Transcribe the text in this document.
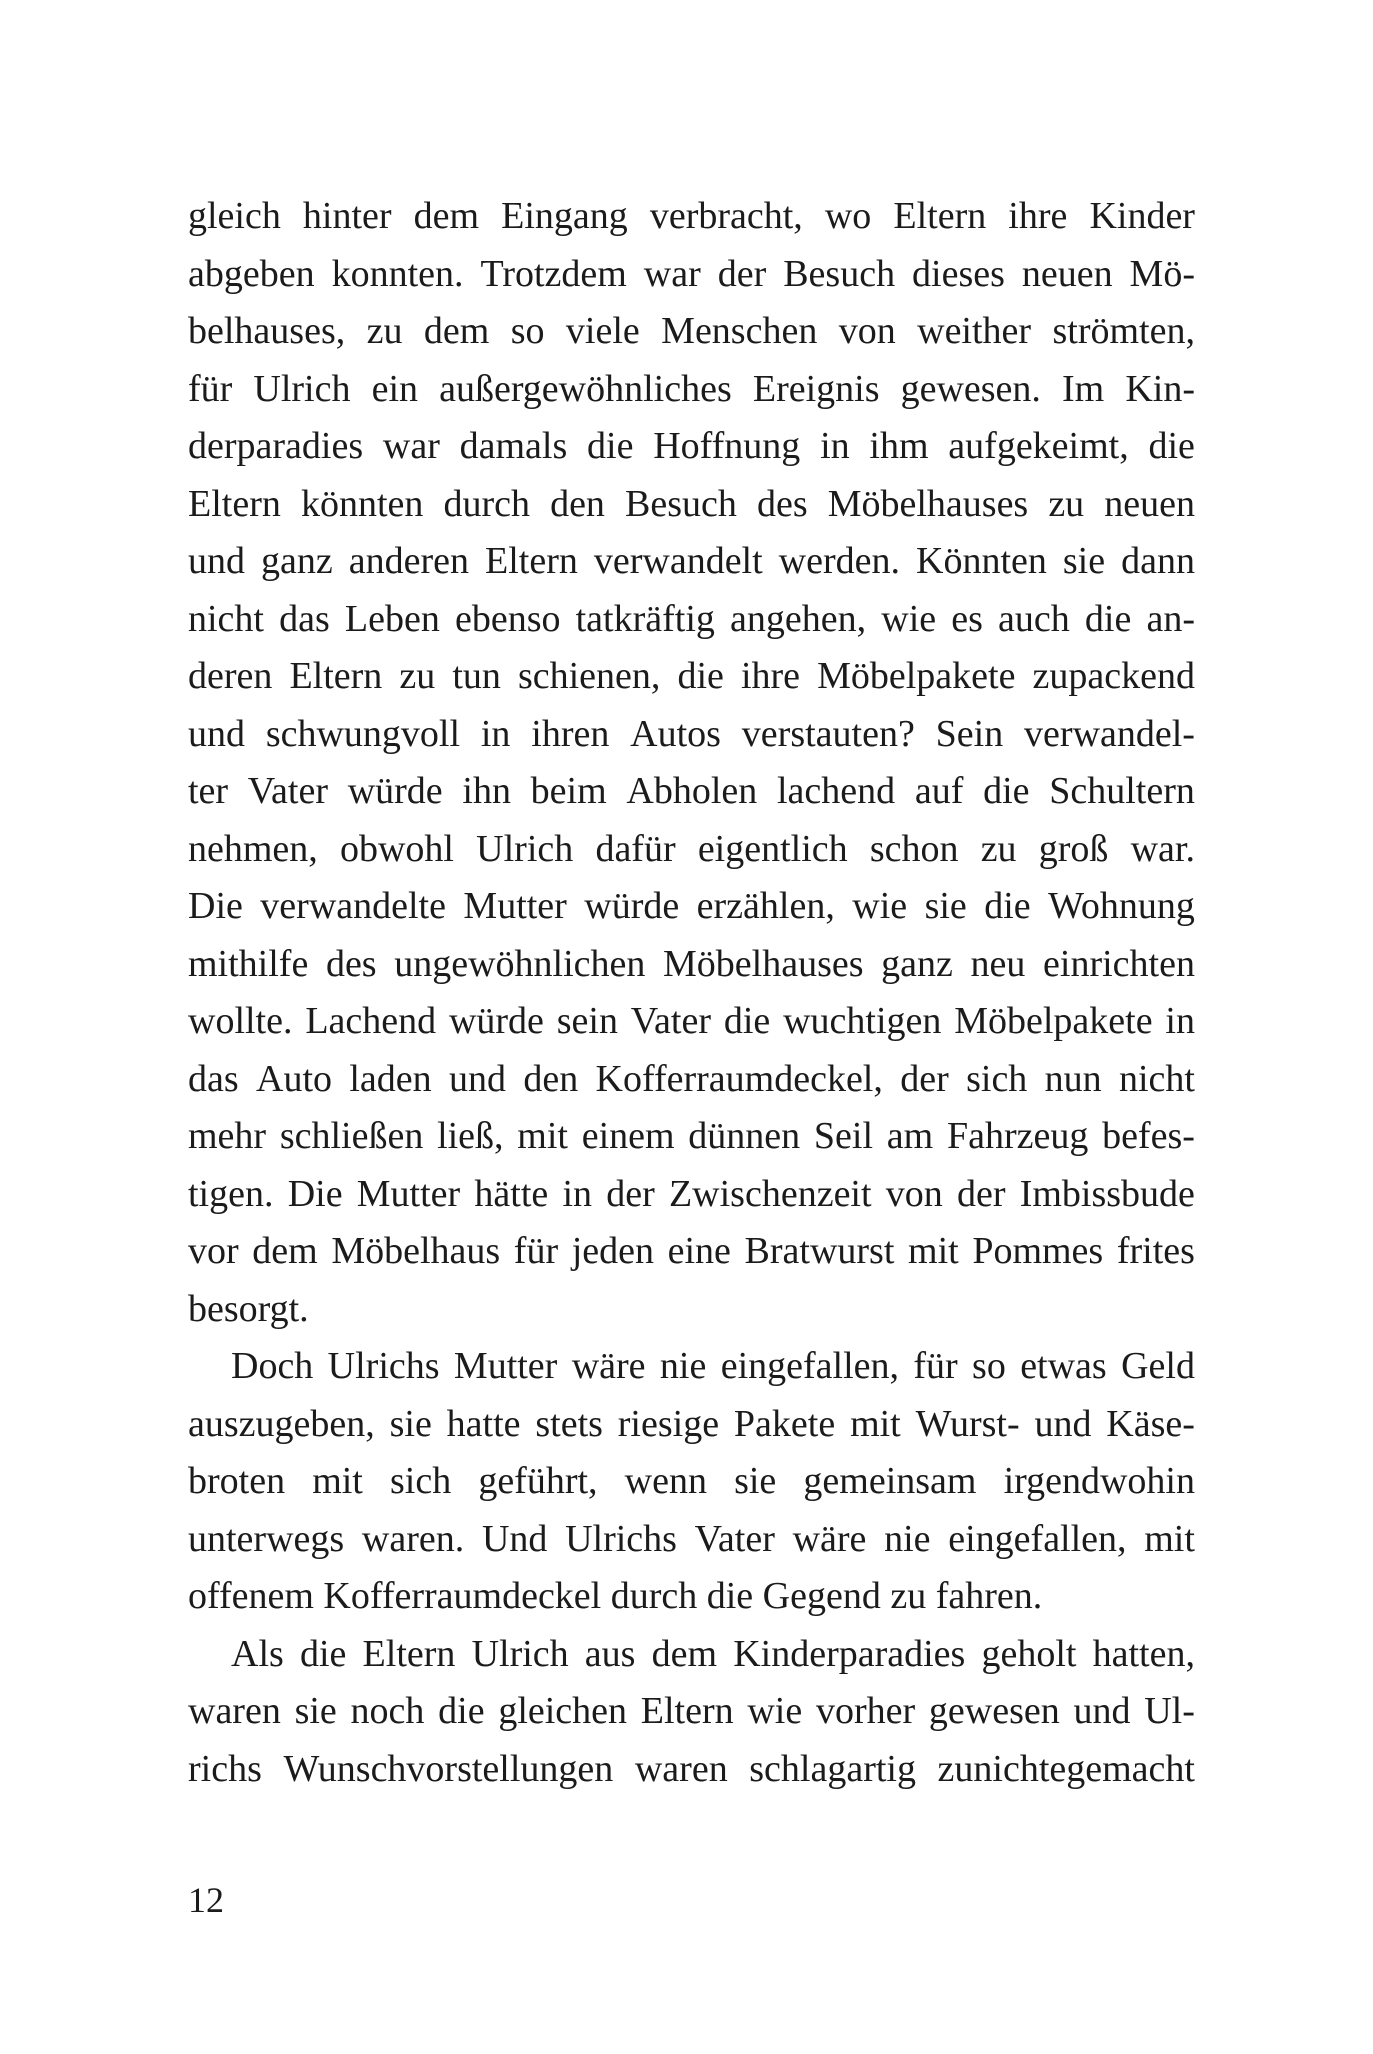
gleich hinter dem Eingang verbracht, wo Eltern ihre Kinder
abgeben konnten. Trotzdem war der Besuch dieses neuen Mö-
belhauses, zu dem so viele Menschen von weither strömten,
für Ulrich ein außergewöhnliches Ereignis gewesen. Im Kin-
derparadies war damals die Hoffnung in ihm aufgekeimt, die
Eltern könnten durch den Besuch des Möbelhauses zu neuen
und ganz anderen Eltern verwandelt werden. Könnten sie dann
nicht das Leben ebenso tatkräftig angehen, wie es auch die an-
deren Eltern zu tun schienen, die ihre Möbelpakete zupackend
und schwungvoll in ihren Autos verstauten? Sein verwandel-
ter Vater würde ihn beim Abholen lachend auf die Schultern
nehmen, obwohl Ulrich dafür eigentlich schon zu groß war.
Die verwandelte Mutter würde erzählen, wie sie die Wohnung
mithilfe des ungewöhnlichen Möbelhauses ganz neu einrichten
wollte. Lachend würde sein Vater die wuchtigen Möbelpakete in
das Auto laden und den Kofferraumdeckel, der sich nun nicht
mehr schließen ließ, mit einem dünnen Seil am Fahrzeug befes-
tigen. Die Mutter hätte in der Zwischenzeit von der Imbissbude
vor dem Möbelhaus für jeden eine Bratwurst mit Pommes frites
besorgt.
Doch Ulrichs Mutter wäre nie eingefallen, für so etwas Geld
auszugeben, sie hatte stets riesige Pakete mit Wurst- und Käse-
broten mit sich geführt, wenn sie gemeinsam irgendwohin
unterwegs waren. Und Ulrichs Vater wäre nie eingefallen, mit
offenem Kofferraumdeckel durch die Gegend zu fahren.
Als die Eltern Ulrich aus dem Kinderparadies geholt hatten,
waren sie noch die gleichen Eltern wie vorher gewesen und Ul-
richs Wunschvorstellungen waren schlagartig zunichtegemacht
12
